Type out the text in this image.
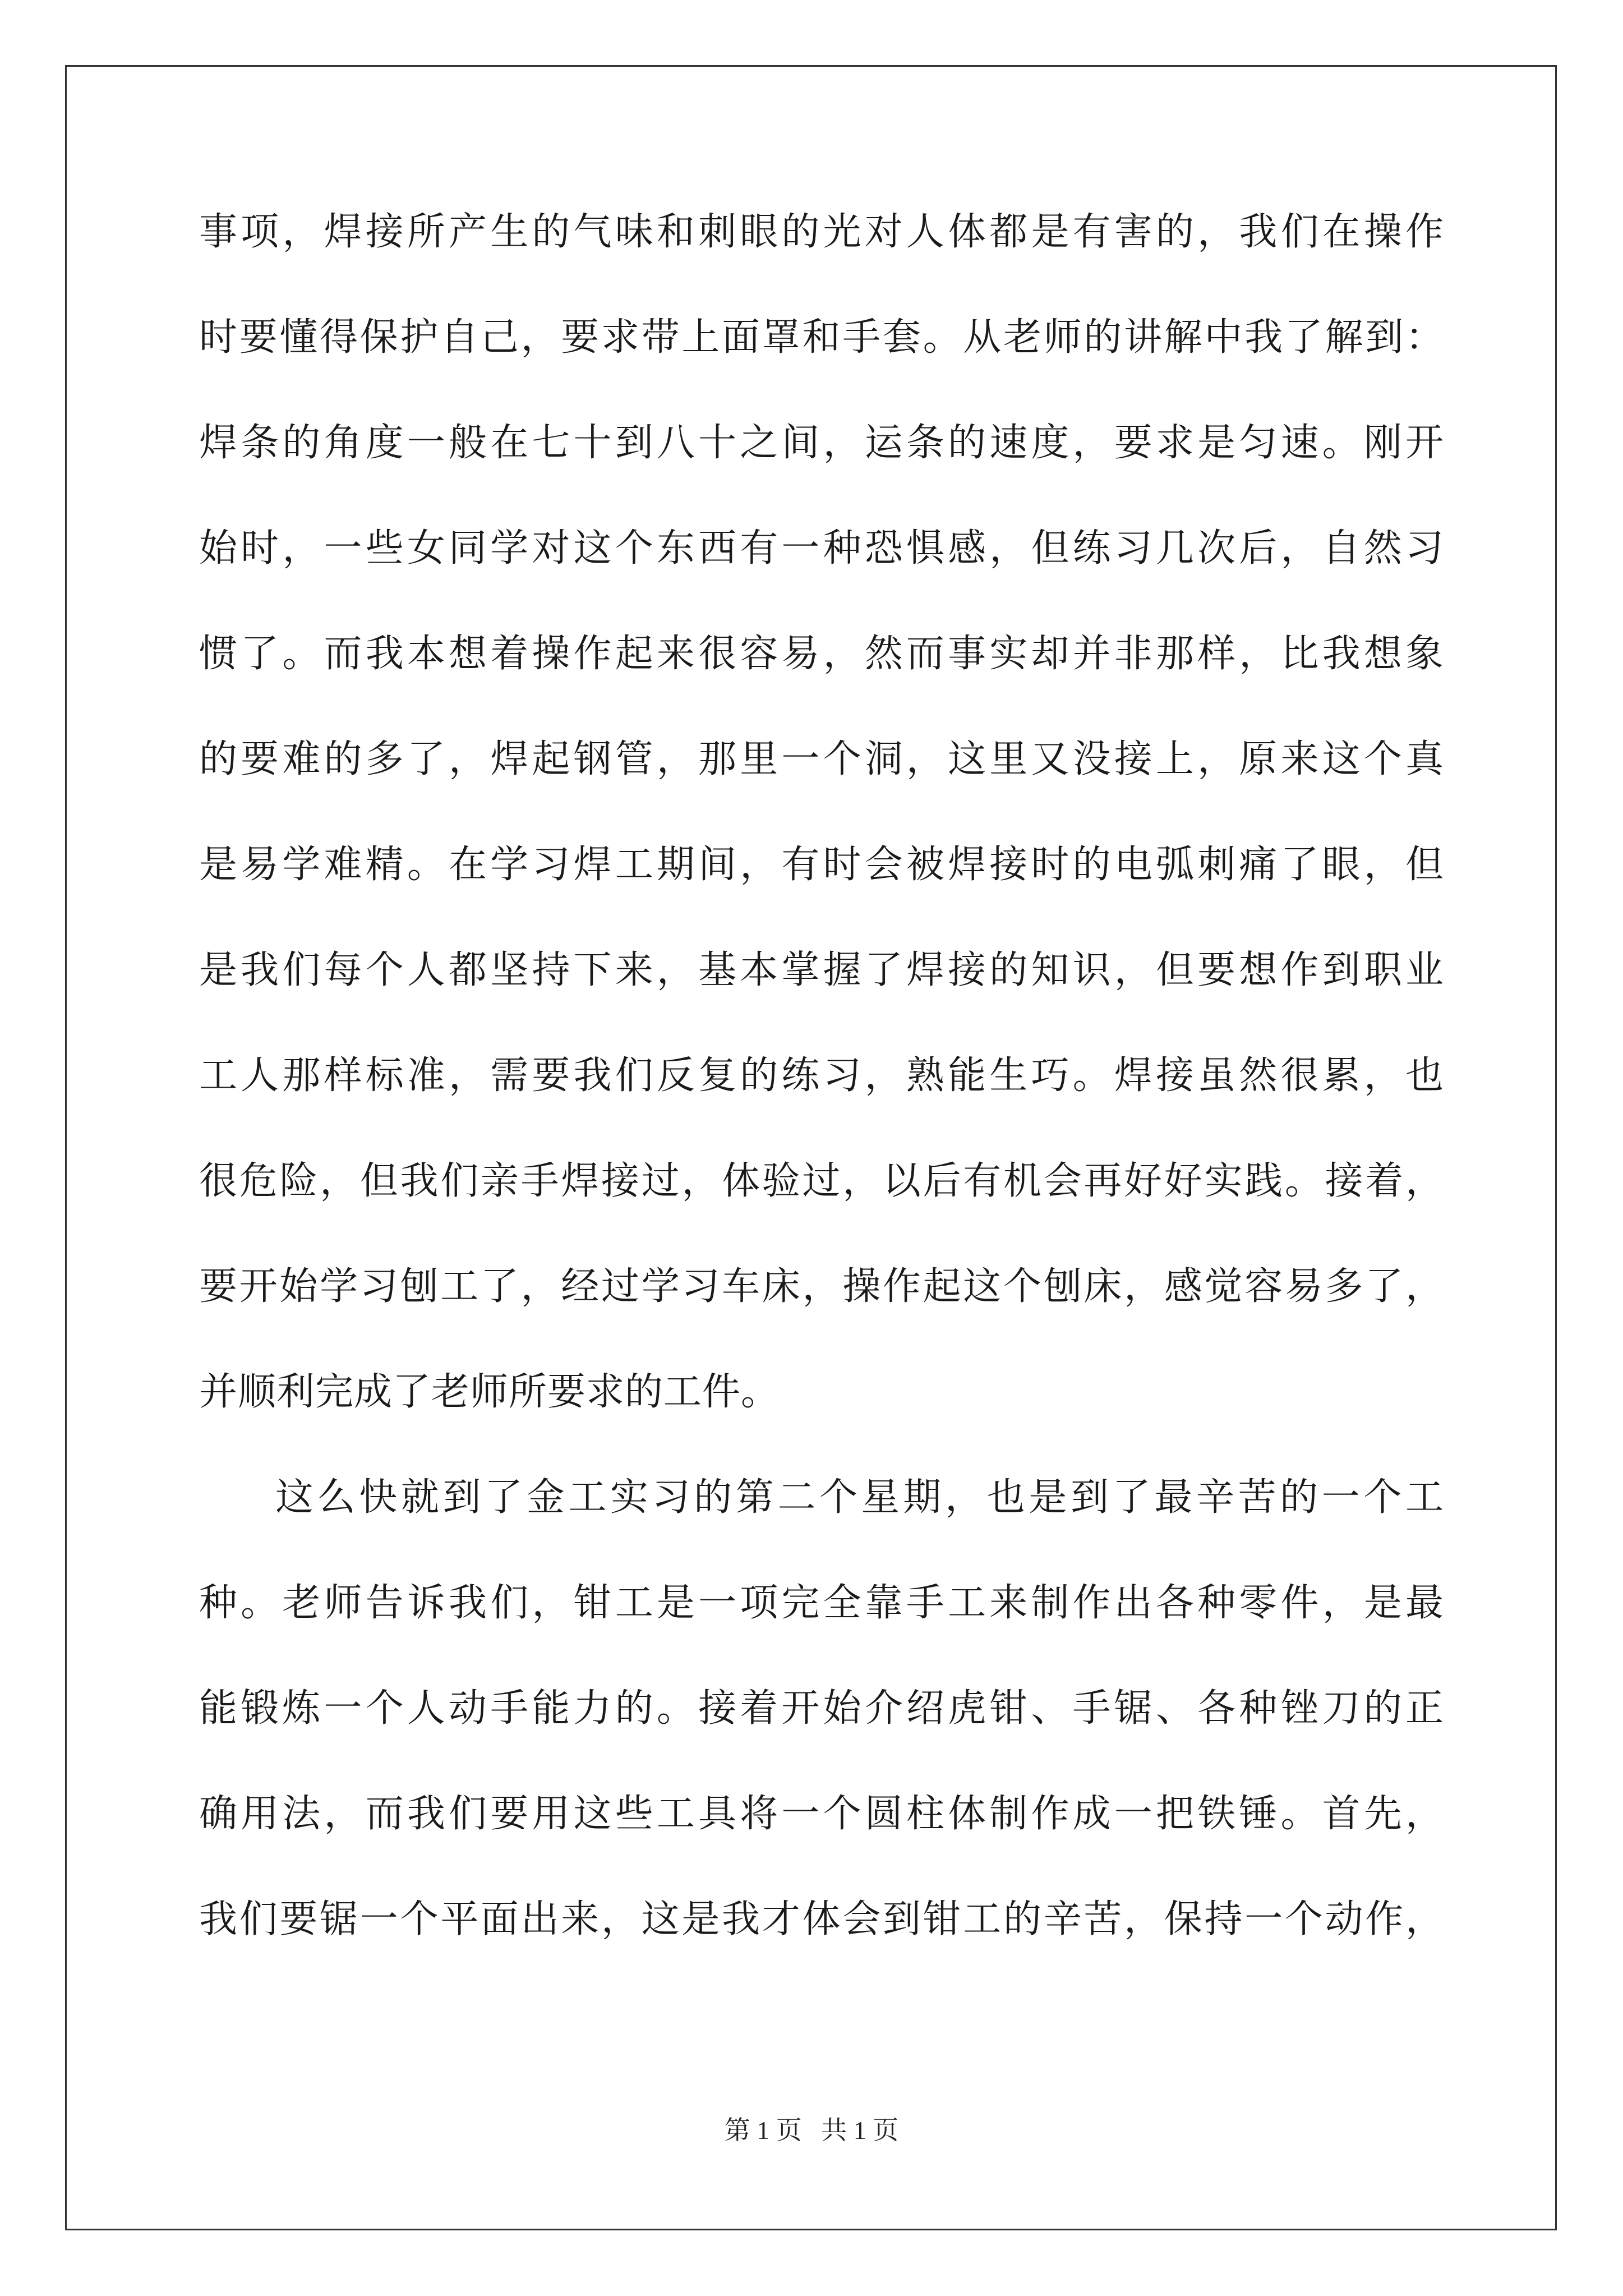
事项，焊接所产生的气味和刺眼的光对人体都是有害的，我们在操作
时要懂得保护自己，要求带上面罩和手套。从老师的讲解中我了解到：
焊条的角度一般在七十到八十之间，运条的速度，要求是匀速。刚开
始时，一些女同学对这个东西有一种恐惧感，但练习几次后，自然习
惯了。而我本想着操作起来很容易，然而事实却并非那样，比我想象
的要难的多了，焊起钢管，那里一个洞，这里又没接上，原来这个真
是易学难精。在学习焊工期间，有时会被焊接时的电弧刺痛了眼，但
是我们每个人都坚持下来，基本掌握了焊接的知识，但要想作到职业
工人那样标准，需要我们反复的练习，熟能生巧。焊接虽然很累，也
很危险，但我们亲手焊接过，体验过，以后有机会再好好实践。接着，
要开始学习刨工了，经过学习车床，操作起这个刨床，感觉容易多了，
并顺利完成了老师所要求的工件。
这么快就到了金工实习的第二个星期，也是到了最辛苦的一个工
种。老师告诉我们，钳工是一项完全靠手工来制作出各种零件，是最
能锻炼一个人动手能力的。接着开始介绍虎钳、手锯、各种锉刀的正
确用法，而我们要用这些工具将一个圆柱体制作成一把铁锤。首先，
我们要锯一个平面出来，这是我才体会到钳工的辛苦，保持一个动作，
第 1 页 共 1 页
